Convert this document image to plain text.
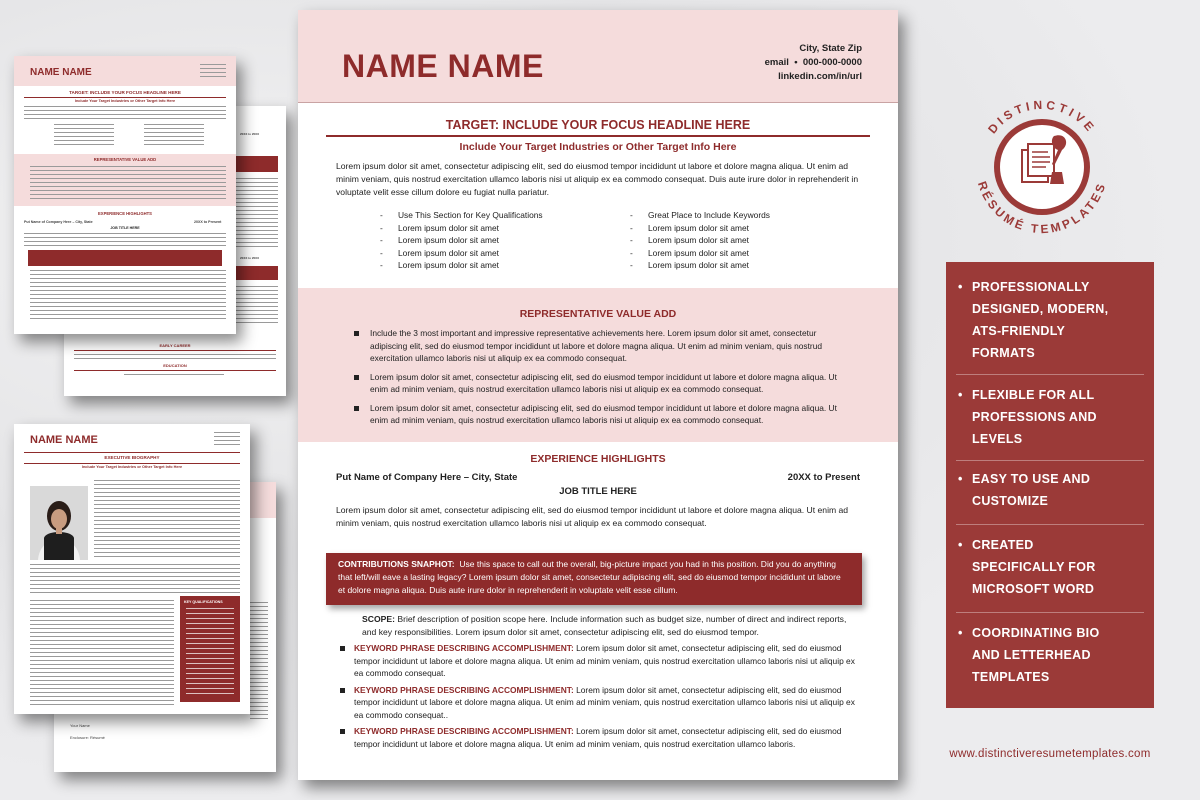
20XX to 20XX
20XX to 20XX
EARLY CAREER
EDUCATION
NAME NAME
TARGET: INCLUDE YOUR FOCUS HEADLINE HERE
Include Your Target Industries or Other Target Info Here
REPRESENTATIVE VALUE ADD
EXPERIENCE HIGHLIGHTS
Put Name of Company Here – City, State	20XX to Present
JOB TITLE HERE
Your Name
Enclosure: Résumé
NAME NAME
EXECUTIVE BIOGRAPHY
Include Your Target Industries or Other Target Info Here
KEY QUALIFICATIONS
NAME NAME	City, State Zip
email  •  000-000-0000
linkedin.com/in/url
TARGET: INCLUDE YOUR FOCUS HEADLINE HERE
Include Your Target Industries or Other Target Info Here
Lorem ipsum dolor sit amet, consectetur adipiscing elit, sed do eiusmod tempor incididunt ut labore et dolore magna aliqua. Ut enim ad minim veniam, quis nostrud exercitation ullamco laboris nisi ut aliquip ex ea commodo consequat. Duis aute irure dolor in reprehenderit in voluptate velit esse cillum dolore eu fugiat nulla pariatur.
- Use This Section for Key Qualifications
- Lorem ipsum dolor sit amet
- Lorem ipsum dolor sit amet
- Lorem ipsum dolor sit amet
- Lorem ipsum dolor sit amet
- Great Place to Include Keywords
- Lorem ipsum dolor sit amet
- Lorem ipsum dolor sit amet
- Lorem ipsum dolor sit amet
- Lorem ipsum dolor sit amet
REPRESENTATIVE VALUE ADD
Include the 3 most important and impressive representative achievements here. Lorem ipsum dolor sit amet, consectetur adipiscing elit, sed do eiusmod tempor incididunt ut labore et dolore magna aliqua. Ut enim ad minim veniam, quis nostrud exercitation ullamco laboris nisi ut aliquip ex ea commodo consequat.
Lorem ipsum dolor sit amet, consectetur adipiscing elit, sed do eiusmod tempor incididunt ut labore et dolore magna aliqua. Ut enim ad minim veniam, quis nostrud exercitation ullamco laboris nisi ut aliquip ex ea commodo consequat.
Lorem ipsum dolor sit amet, consectetur adipiscing elit, sed do eiusmod tempor incididunt ut labore et dolore magna aliqua. Ut enim ad minim veniam, quis nostrud exercitation ullamco laboris nisi ut aliquip ex ea commodo consequat.
EXPERIENCE HIGHLIGHTS
Put Name of Company Here – City, State	20XX to Present
JOB TITLE HERE
Lorem ipsum dolor sit amet, consectetur adipiscing elit, sed do eiusmod tempor incididunt ut labore et dolore magna aliqua. Ut enim ad minim veniam, quis nostrud exercitation ullamco laboris nisi ut aliquip ex ea commodo consequat.
CONTRIBUTIONS SNAPHOT: Use this space to call out the overall, big-picture impact you had in this position. Did you do anything that left/will eave a lasting legacy? Lorem ipsum dolor sit amet, consectetur adipiscing elit, sed do eiusmod tempor incididunt ut labore et dolore magna aliqua. Duis aute irure dolor in reprehenderit in voluptate velit esse cillum.
SCOPE: Brief description of position scope here. Include information such as budget size, number of direct and indirect reports, and key responsibilities. Lorem ipsum dolor sit amet, consectetur adipiscing elit, sed do eiusmod tempor.
KEYWORD PHRASE DESCRIBING ACCOMPLISHMENT: Lorem ipsum dolor sit amet, consectetur adipiscing elit, sed do eiusmod tempor incididunt ut labore et dolore magna aliqua. Ut enim ad minim veniam, quis nostrud exercitation ullamco laboris nisi ut aliquip ex ea commodo consequat.
KEYWORD PHRASE DESCRIBING ACCOMPLISHMENT: Lorem ipsum dolor sit amet, consectetur adipiscing elit, sed do eiusmod tempor incididunt ut labore et dolore magna aliqua. Ut enim ad minim veniam, quis nostrud exercitation ullamco laboris nisi ut aliquip ex ea commodo consequat..
KEYWORD PHRASE DESCRIBING ACCOMPLISHMENT: Lorem ipsum dolor sit amet, consectetur adipiscing elit, sed do eiusmod tempor incididunt ut labore et dolore magna aliqua. Ut enim ad minim veniam, quis nostrud exercitation ullamco laboris.
DISTINCTIVE
RÉSUMÉ TEMPLATES
• PROFESSIONALLY
DESIGNED, MODERN,
ATS-FRIENDLY
FORMATS
• FLEXIBLE FOR ALL
PROFESSIONS AND
LEVELS
• EASY TO USE AND
CUSTOMIZE
• CREATED
SPECIFICALLY FOR
MICROSOFT WORD
• COORDINATING BIO
AND LETTERHEAD
TEMPLATES
www.distinctiveresumetemplates.com
